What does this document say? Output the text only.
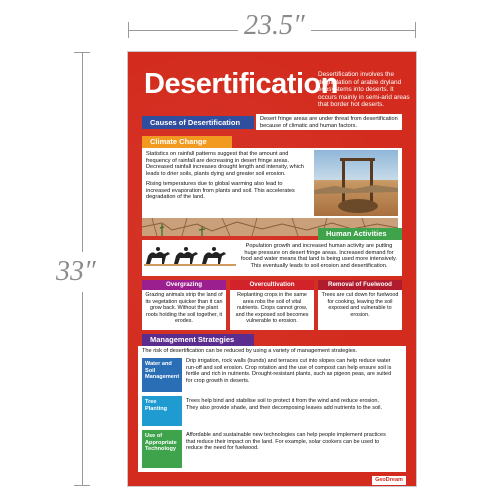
23.5″
33″
Desertification
Desertification involves the degradation of arable dryland ecosystems into deserts. It occurs mainly in semi-arid areas that border hot deserts.
Causes of Desertification	Desert fringe areas are under threat from desertification because of climatic and human factors.
Climate Change
Statistics on rainfall patterns suggest that the amount and frequency of rainfall are decreasing in desert fringe areas. Decreased rainfall increases drought length and intensity, which leads to drier soils, plants dying and greater soil erosion.
Rising temperatures due to global warming also lead to increased evaporation from plants and soil. This accelerates degradation of the land.
Human Activities
Population growth and increased human activity are putting huge pressure on desert fringe areas. Increased demand for food and water means that land is being used more intensively. This eventually leads to soil erosion and desertification.
Overgrazing
Grazing animals strip the land of its vegetation quicker than it can grow back. Without the plant roots holding the soil together, it erodes.
Overcultivation
Replanting crops in the same area robs the soil of vital nutrients. Crops cannot grow, and the exposed soil becomes vulnerable to erosion.
Removal of Fuelwood
Trees are cut down for fuelwood for cooking, leaving the soil exposed and vulnerable to erosion.
Management Strategies
The risk of desertification can be reduced by using a variety of management strategies.
Water and Soil Management
Drip irrigation, rock walls (bunds) and terraces cut into slopes can help reduce water run-off and soil erosion. Crop rotation and the use of compost can help ensure soil is fertile and rich in nutrients. Drought-resistant plants, such as pigeon peas, are suited for crop growth in deserts.
Tree Planting
Trees help bind and stabilise soil to protect it from the wind and reduce erosion. They also provide shade, and their decomposing leaves add nutrients to the soil.
Use of Appropriate Technology
Affordable and sustainable new technologies can help people implement practices that reduce their impact on the land. For example, solar cookers can be used to reduce the need for fuelwood.
GeoDream
